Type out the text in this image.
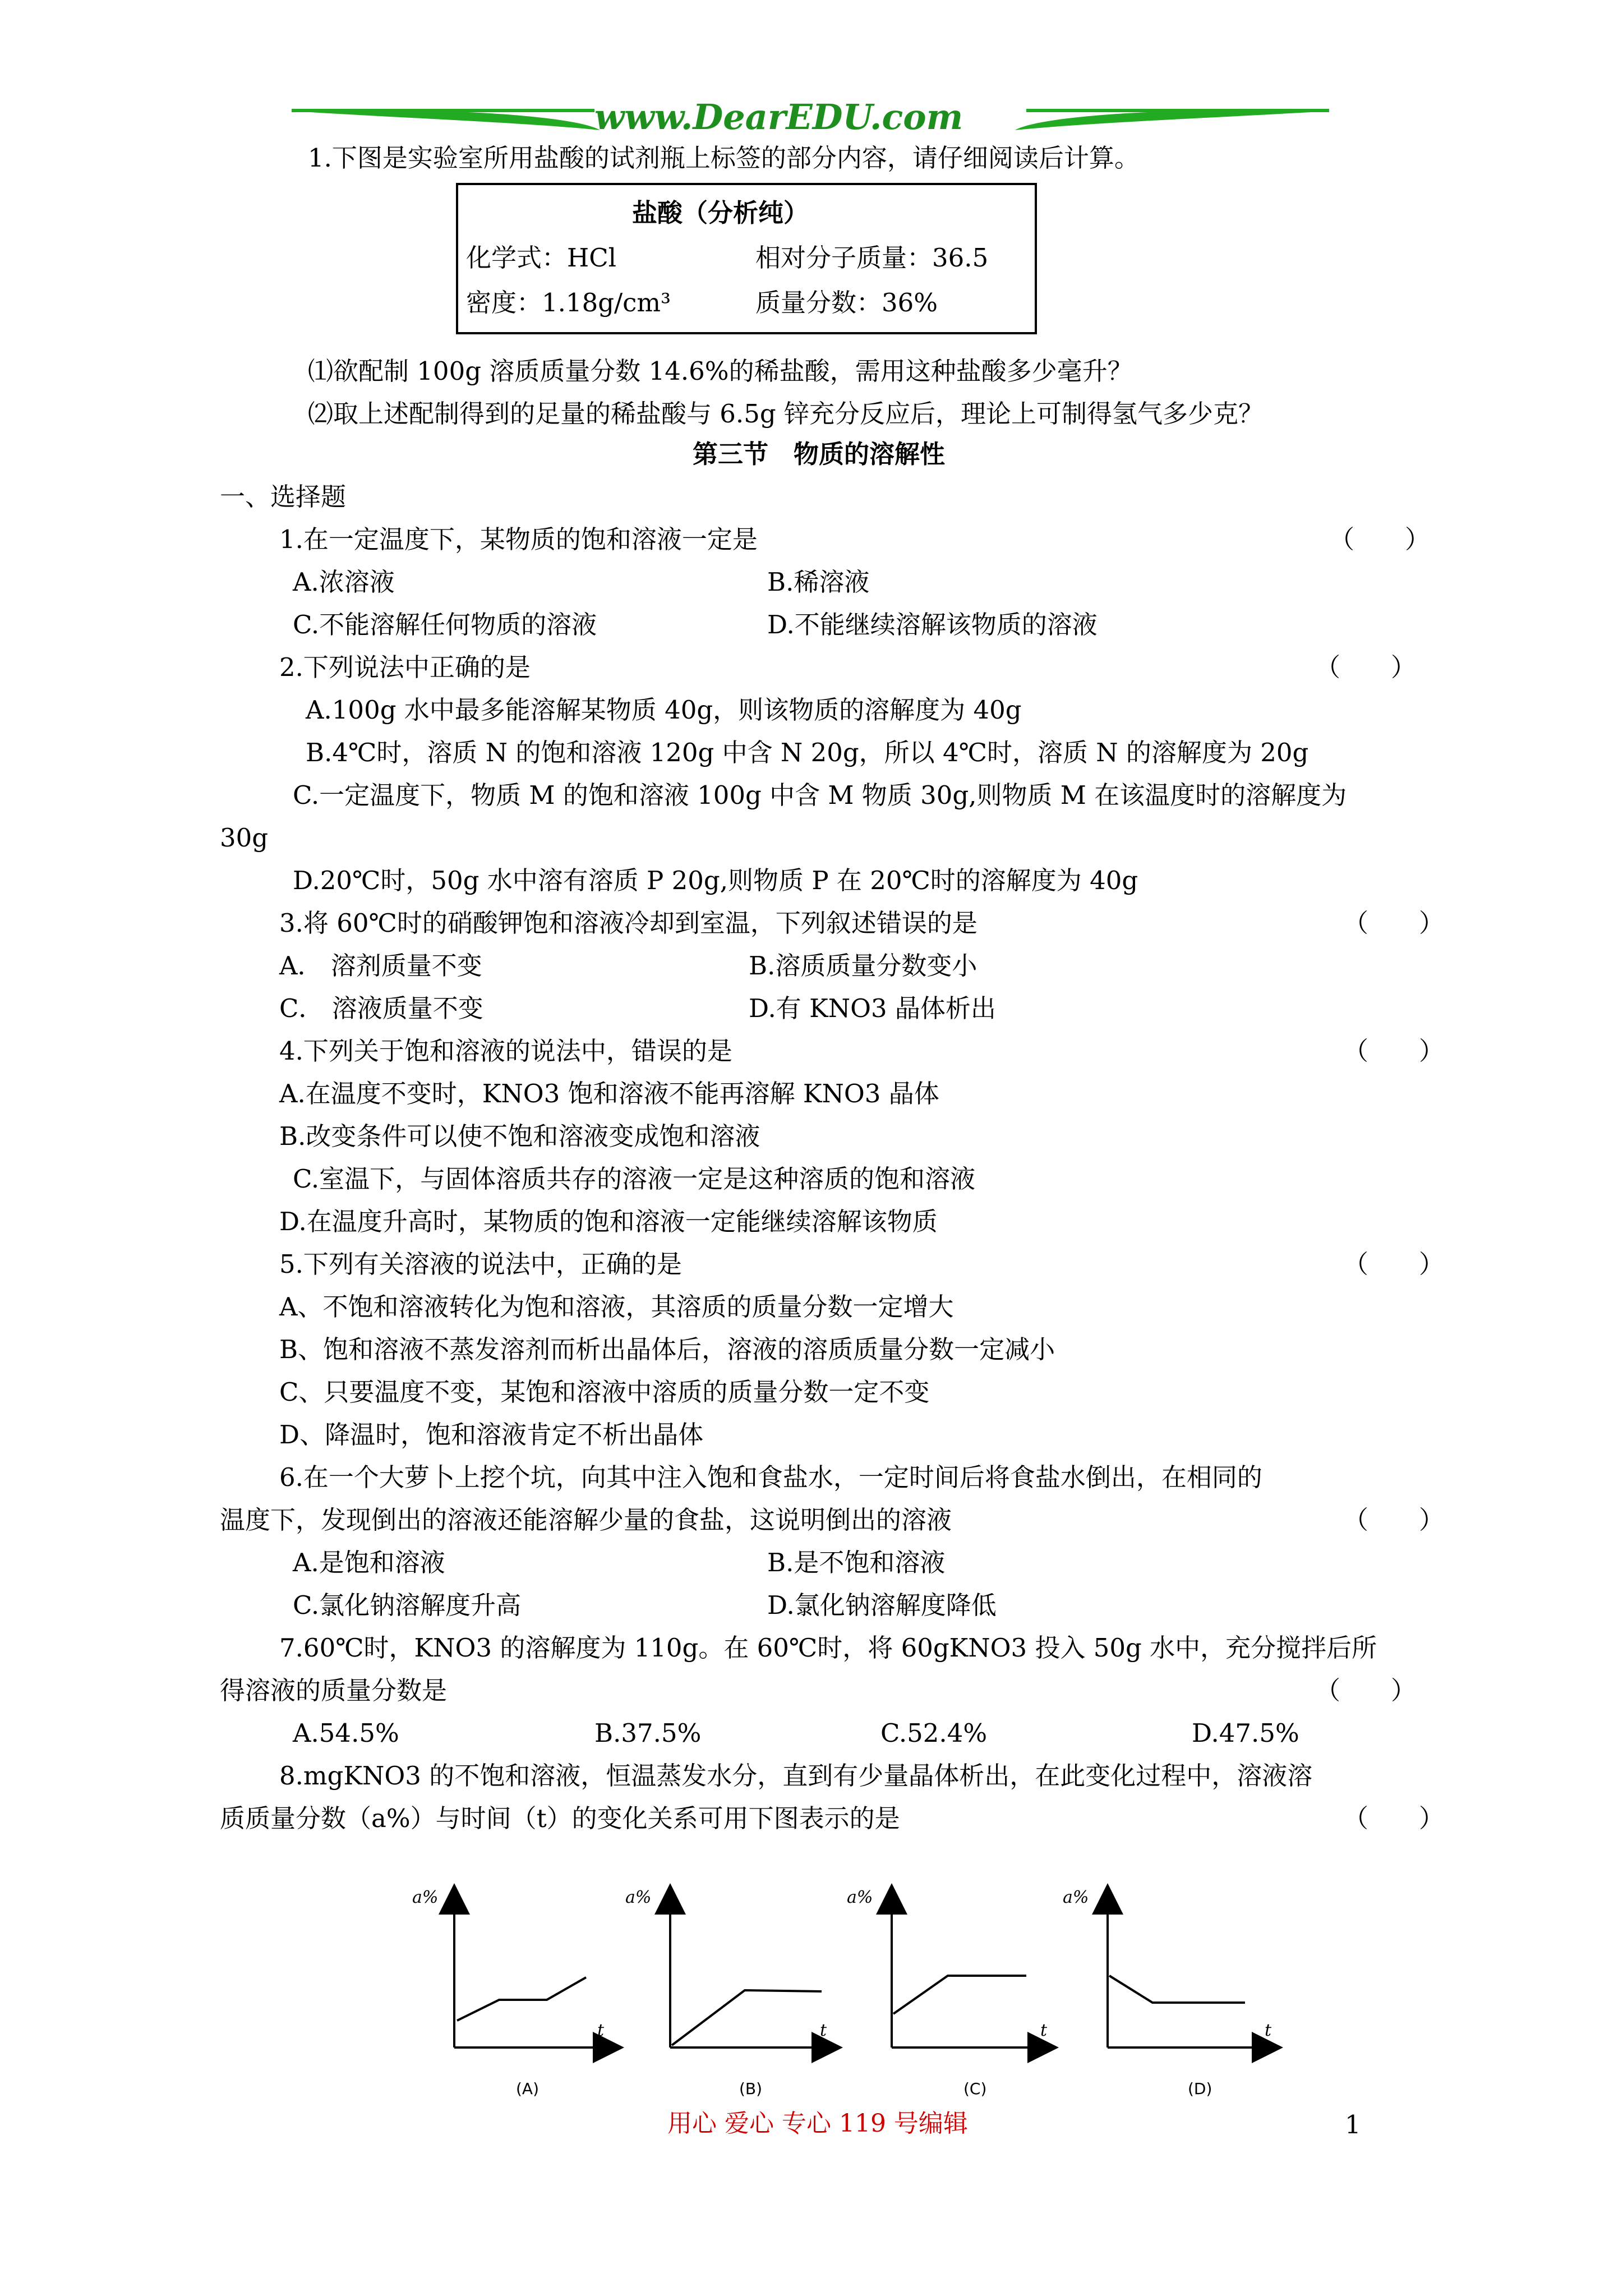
www.DearEDU.com
1.下图是实验室所用盐酸的试剂瓶上标签的部分内容，请仔细阅读后计算。
盐酸（分析纯）
化学式：HCl	相对分子质量：36.5
密度：1.18g/cm³	质量分数：36%
⑴欲配制 100g 溶质质量分数 14.6%的稀盐酸，需用这种盐酸多少毫升？
⑵取上述配制得到的足量的稀盐酸与 6.5g 锌充分反应后，理论上可制得氢气多少克？
第三节　物质的溶解性
一、选择题
1.在一定温度下，某物质的饱和溶液一定是	（　　）
A.浓溶液	B.稀溶液
C.不能溶解任何物质的溶液	D.不能继续溶解该物质的溶液
2.下列说法中正确的是	（　　）
A.100g 水中最多能溶解某物质 40g，则该物质的溶解度为 40g
B.4℃时，溶质 N 的饱和溶液 120g 中含 N 20g，所以 4℃时，溶质 N 的溶解度为 20g
C.一定温度下，物质 M 的饱和溶液 100g 中含 M 物质 30g,则物质 M 在该温度时的溶解度为
30g
D.20℃时，50g 水中溶有溶质 P 20g,则物质 P 在 20℃时的溶解度为 40g
3.将 60℃时的硝酸钾饱和溶液冷却到室温，下列叙述错误的是	（　　）
A． 溶剂质量不变	B.溶质质量分数变小
C． 溶液质量不变	D.有 KNO3 晶体析出
4.下列关于饱和溶液的说法中，错误的是	（　　）
A.在温度不变时，KNO3 饱和溶液不能再溶解 KNO3 晶体
B.改变条件可以使不饱和溶液变成饱和溶液
C.室温下，与固体溶质共存的溶液一定是这种溶质的饱和溶液
D.在温度升高时，某物质的饱和溶液一定能继续溶解该物质
5.下列有关溶液的说法中，正确的是	（　　）
A、不饱和溶液转化为饱和溶液，其溶质的质量分数一定增大
B、饱和溶液不蒸发溶剂而析出晶体后，溶液的溶质质量分数一定减小
C、只要温度不变，某饱和溶液中溶质的质量分数一定不变
D、降温时，饱和溶液肯定不析出晶体
6.在一个大萝卜上挖个坑，向其中注入饱和食盐水，一定时间后将食盐水倒出，在相同的
温度下，发现倒出的溶液还能溶解少量的食盐，这说明倒出的溶液	（　　）
A.是饱和溶液	B.是不饱和溶液
C.氯化钠溶解度升高	D.氯化钠溶解度降低
7.60℃时，KNO3 的溶解度为 110g。在 60℃时，将 60gKNO3 投入 50g 水中，充分搅拌后所
得溶液的质量分数是	（　　）
A.54.5%	B.37.5%	C.52.4%	D.47.5%
8.mgKNO3 的不饱和溶液，恒温蒸发水分，直到有少量晶体析出，在此变化过程中，溶液溶
质质量分数（a%）与时间（t）的变化关系可用下图表示的是	（　　）
a%	a%	a%	a%
t	t	t	t
(A)	(B)	(C)	(D)
用心 爱心 专心 119 号编辑	1
